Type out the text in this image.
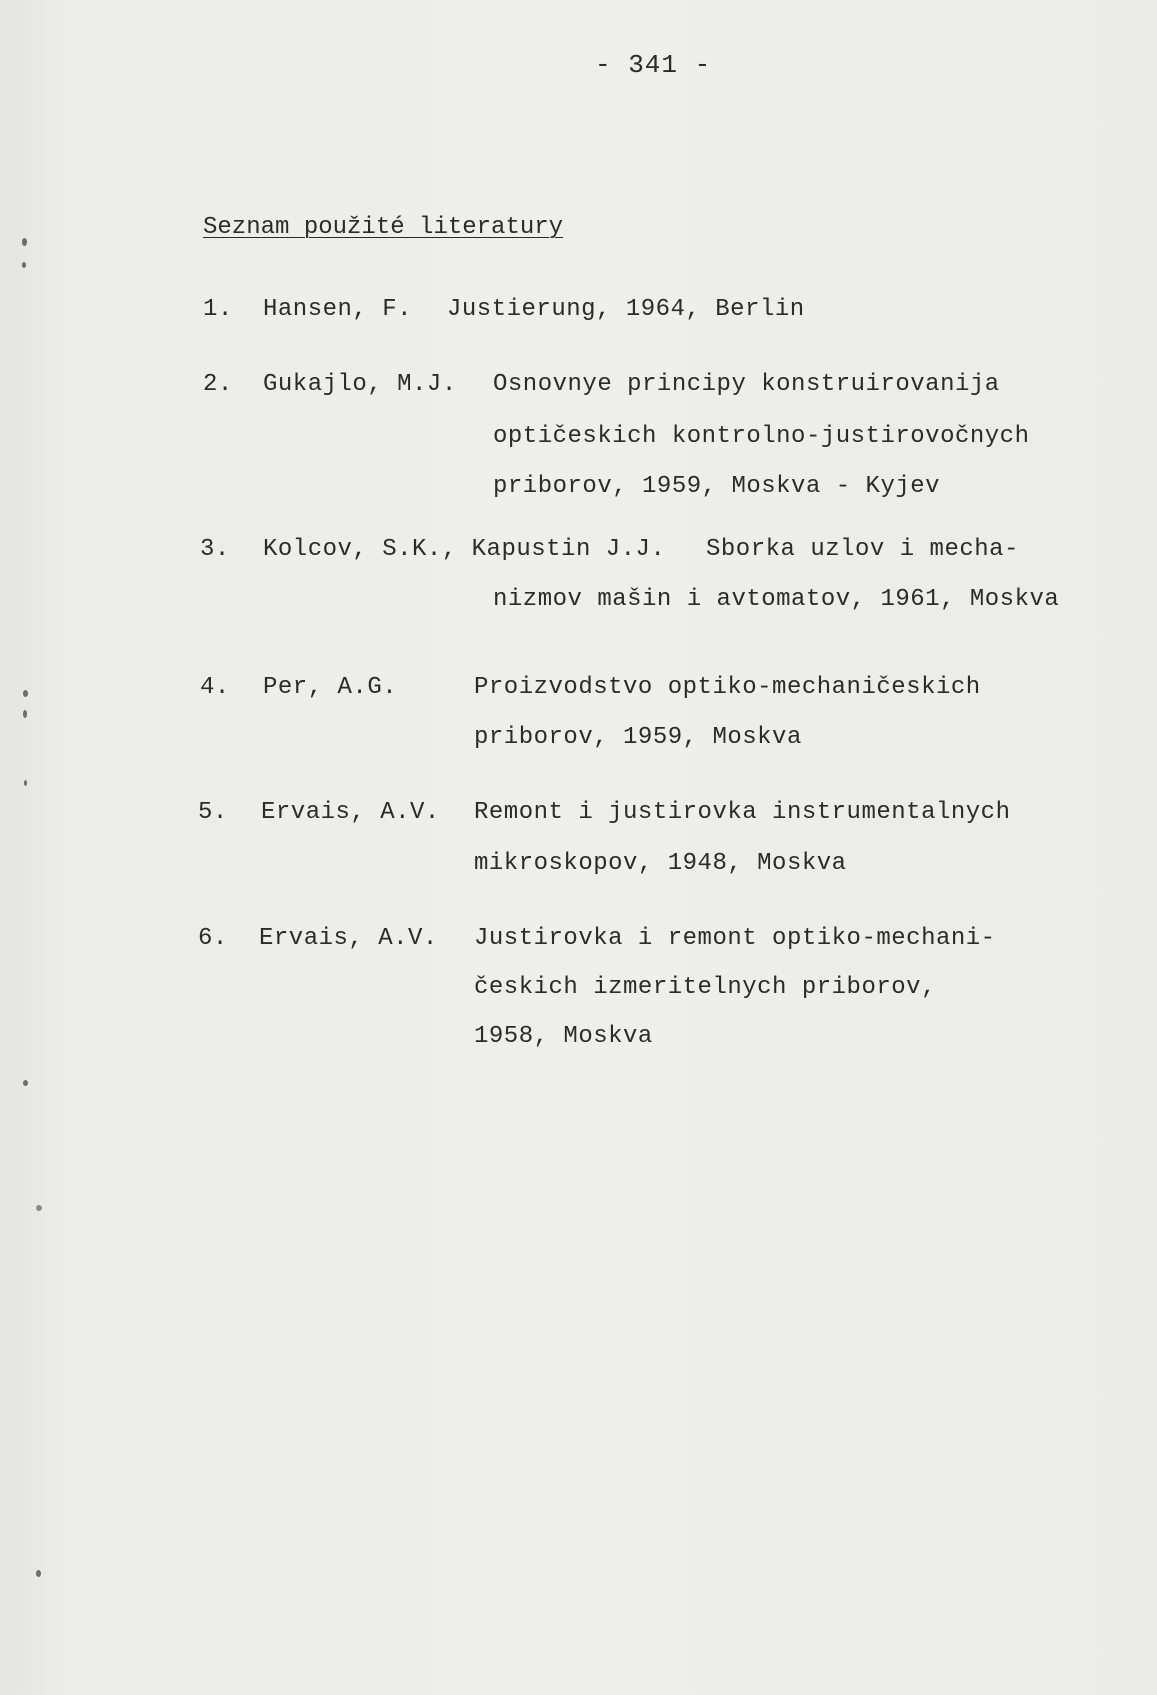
- 341 -
Seznam použité literatury
1. Hansen, F. Justierung, 1964, Berlin
2. Gukajlo, M.J. Osnovnye principy konstruirovanija
optičeskich kontrolno-justirovočnych
priborov, 1959, Moskva - Kyjev
3. Kolcov, S.K., Kapustin J.J. Sborka uzlov i mecha-
nizmov mašin i avtomatov, 1961, Moskva
4. Per, A.G.	Proizvodstvo optiko-mechaničeskich
priborov, 1959, Moskva
5. Ervais, A.V. Remont i justirovka instrumentalnych
mikroskopov, 1948, Moskva
6. Ervais, A.V. Justirovka i remont optiko-mechani-
českich izmeritelnych priborov,
1958, Moskva
